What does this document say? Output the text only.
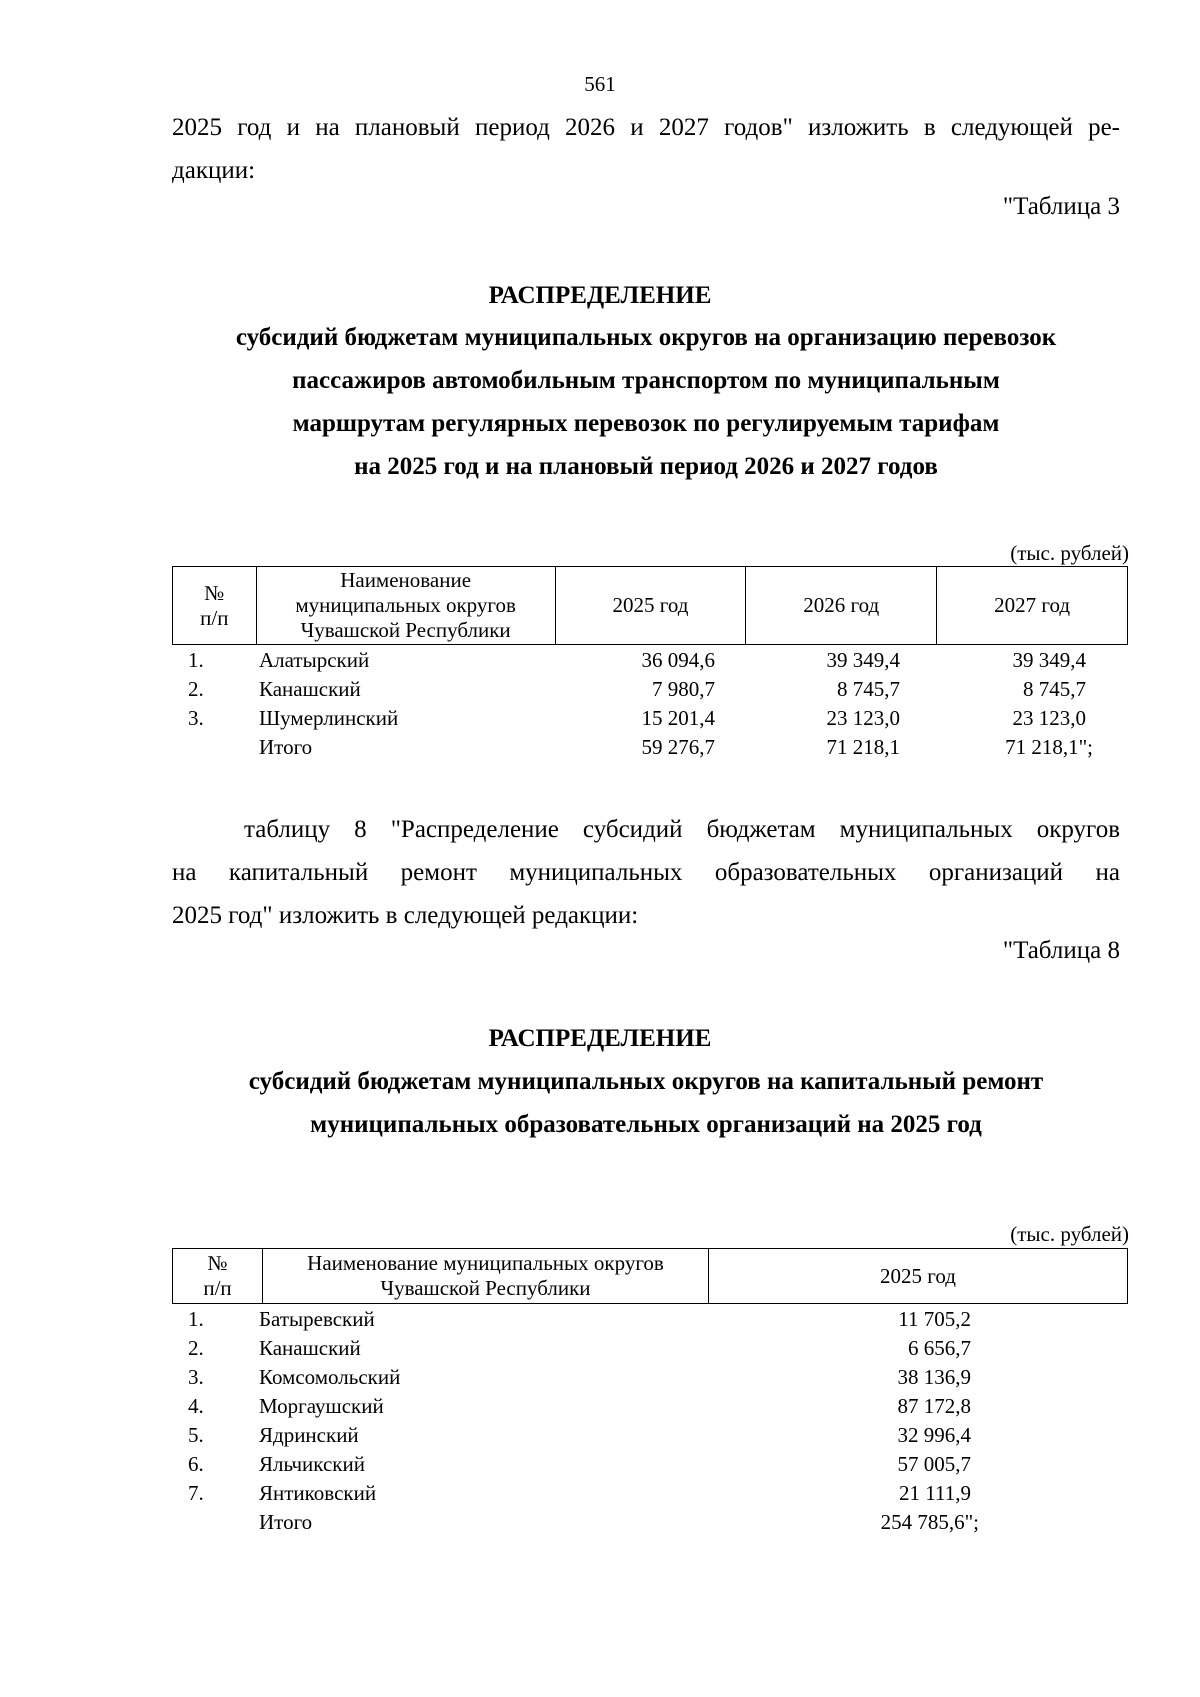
561
2025 год и на плановый период 2026 и 2027 годов" изложить в следующей ре-
дакции:
"Таблица 3
РАСПРЕДЕЛЕНИЕ
субсидий бюджетам муниципальных округов на организацию перевозок
пассажиров автомобильным транспортом по муниципальным
маршрутам регулярных перевозок по регулируемым тарифам
на 2025 год и на плановый период 2026 и 2027 годов
(тыс. рублей)
№
п/п	Наименование
муниципальных округов
Чувашской Республики	2025 год	2026 год	2027 год
1.	Алатырский	36 094,6	39 349,4	39 349,4
2.	Канашский	7 980,7	8 745,7	8 745,7
3.	Шумерлинский	15 201,4	23 123,0	23 123,0
Итого	59 276,7	71 218,1	71 218,1";
таблицу 8 "Распределение субсидий бюджетам муниципальных округов
на капитальный ремонт муниципальных образовательных организаций на
2025 год" изложить в следующей редакции:
"Таблица 8
РАСПРЕДЕЛЕНИЕ
субсидий бюджетам муниципальных округов на капитальный ремонт
муниципальных образовательных организаций на 2025 год
(тыс. рублей)
№
п/п	Наименование муниципальных округов
Чувашской Республики	2025 год
1.	Батыревский	11 705,2
2.	Канашский	6 656,7
3.	Комсомольский	38 136,9
4.	Моргаушский	87 172,8
5.	Ядринский	32 996,4
6.	Яльчикский	57 005,7
7.	Янтиковский	21 111,9
Итого	254 785,6";
